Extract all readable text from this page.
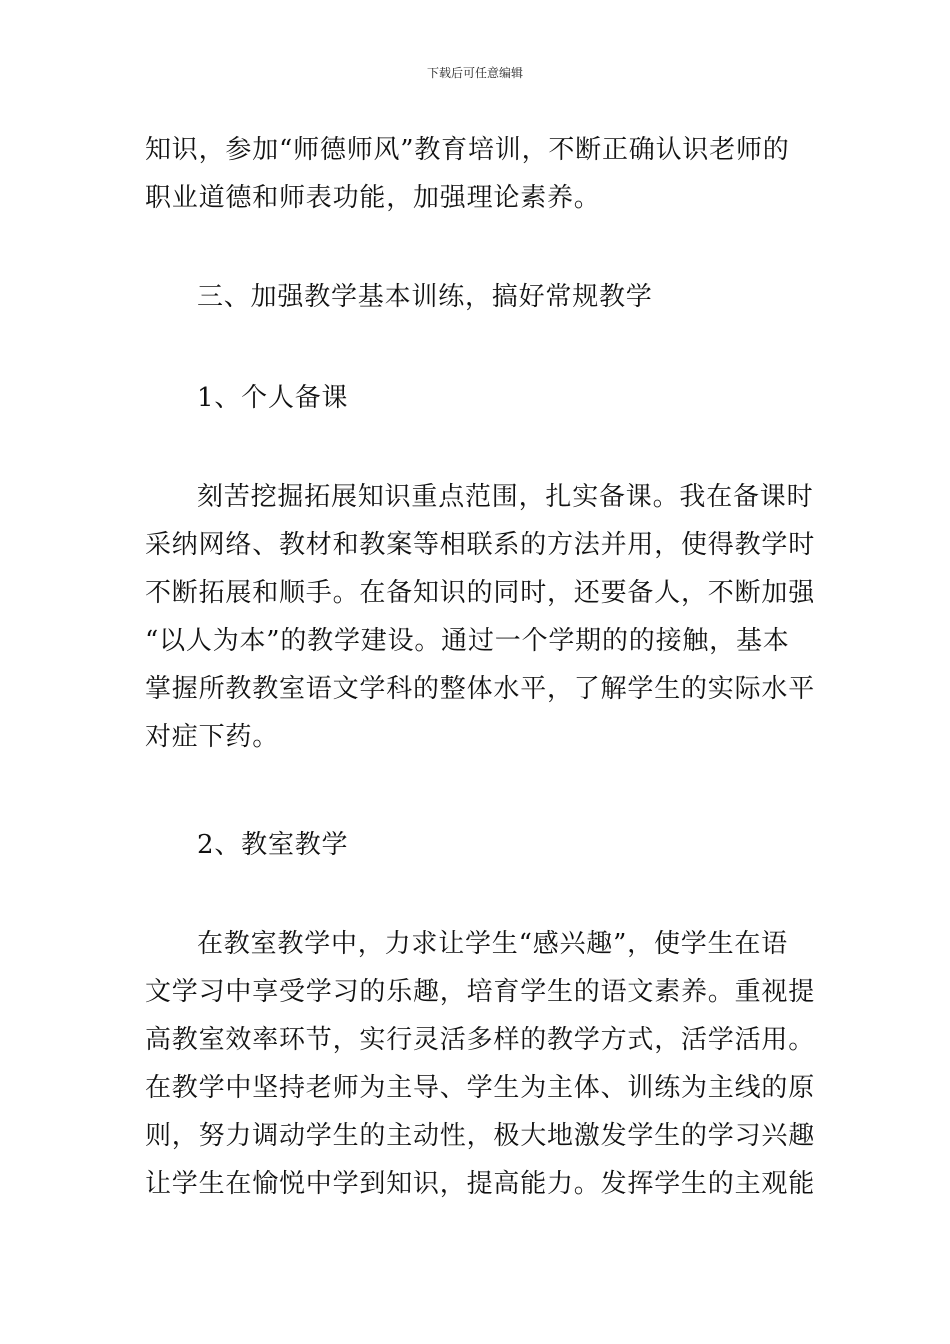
下载后可任意编辑
知识，参加“师德师风”教育培训，不断正确认识老师的
职业道德和师表功能，加强理论素养。
三、加强教学基本训练，搞好常规教学
1、个人备课
刻苦挖掘拓展知识重点范围，扎实备课。我在备课时
采纳网络、教材和教案等相联系的方法并用，使得教学时
不断拓展和顺手。在备知识的同时，还要备人，不断加强
“以人为本”的教学建设。通过一个学期的的接触，基本
掌握所教教室语文学科的整体水平，了解学生的实际水平
对症下药。
2、教室教学
在教室教学中，力求让学生“感兴趣”，使学生在语
文学习中享受学习的乐趣，培育学生的语文素养。重视提
高教室效率环节，实行灵活多样的教学方式，活学活用。
在教学中坚持老师为主导、学生为主体、训练为主线的原
则，努力调动学生的主动性，极大地激发学生的学习兴趣
让学生在愉悦中学到知识，提高能力。发挥学生的主观能
